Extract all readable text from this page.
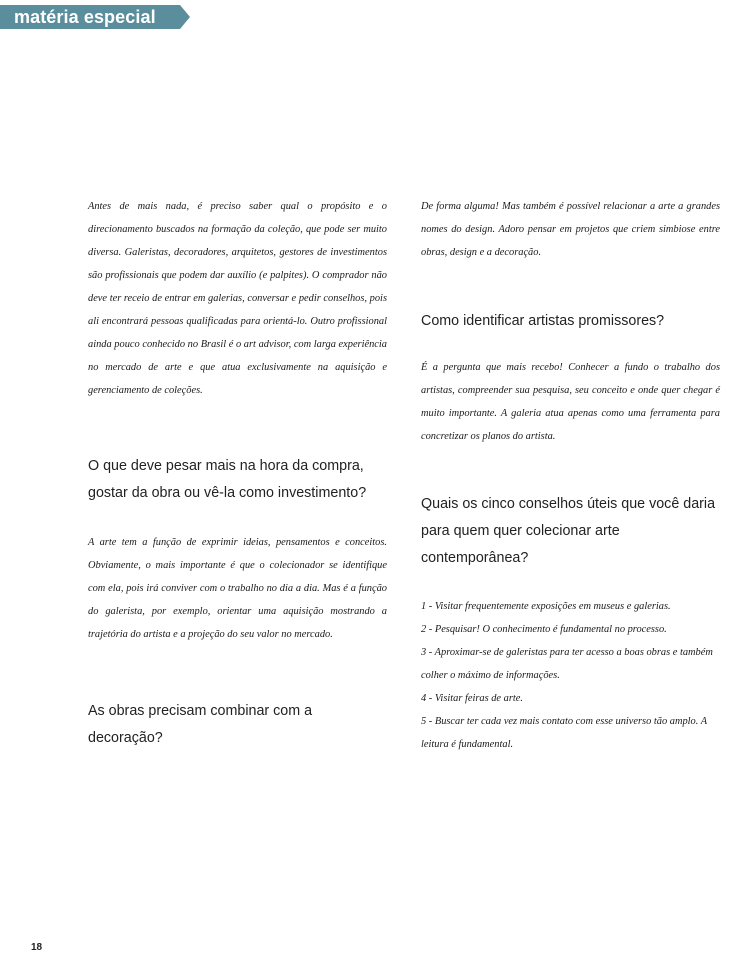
matéria especial

Antes de mais nada, é preciso saber qual o propósito e o direcionamento buscados na formação da coleção, que pode ser muito diversa. Galeristas, decoradores, arquitetos, gestores de investimentos são profissionais que podem dar auxílio (e palpites). O comprador não deve ter receio de entrar em galerias, conversar e pedir conselhos, pois ali encontrará pessoas qualificadas para orientá-lo. Outro profissional ainda pouco conhecido no Brasil é o art advisor, com larga experiência no mercado de arte e que atua exclusivamente na aquisição e gerenciamento de coleções.

O que deve pesar mais na hora da compra, gostar da obra ou vê-la como investimento?

A arte tem a função de exprimir ideias, pensamentos e conceitos. Obviamente, o mais importante é que o colecionador se identifique com ela, pois irá conviver com o trabalho no dia a dia. Mas é a função do galerista, por exemplo, orientar uma aquisição mostrando a trajetória do artista e a projeção do seu valor no mercado.

As obras precisam combinar com a decoração?

De forma alguma! Mas também é possível relacionar a arte a grandes nomes do design. Adoro pensar em projetos que criem simbiose entre obras, design e a decoração.

Como identificar artistas promissores?

É a pergunta que mais recebo! Conhecer a fundo o trabalho dos artistas, compreender sua pesquisa, seu conceito e onde quer chegar é muito importante. A galeria atua apenas como uma ferramenta para concretizar os planos do artista.

Quais os cinco conselhos úteis que você daria para quem quer colecionar arte contemporânea?

1 - Visitar frequentemente exposições em museus e galerias.

2 - Pesquisar! O conhecimento é fundamental no processo.

3 - Aproximar-se de galeristas para ter acesso a boas obras e também colher o máximo de informações.

4 - Visitar feiras de arte.

5 - Buscar ter cada vez mais contato com esse universo tão amplo. A leitura é fundamental.

18
